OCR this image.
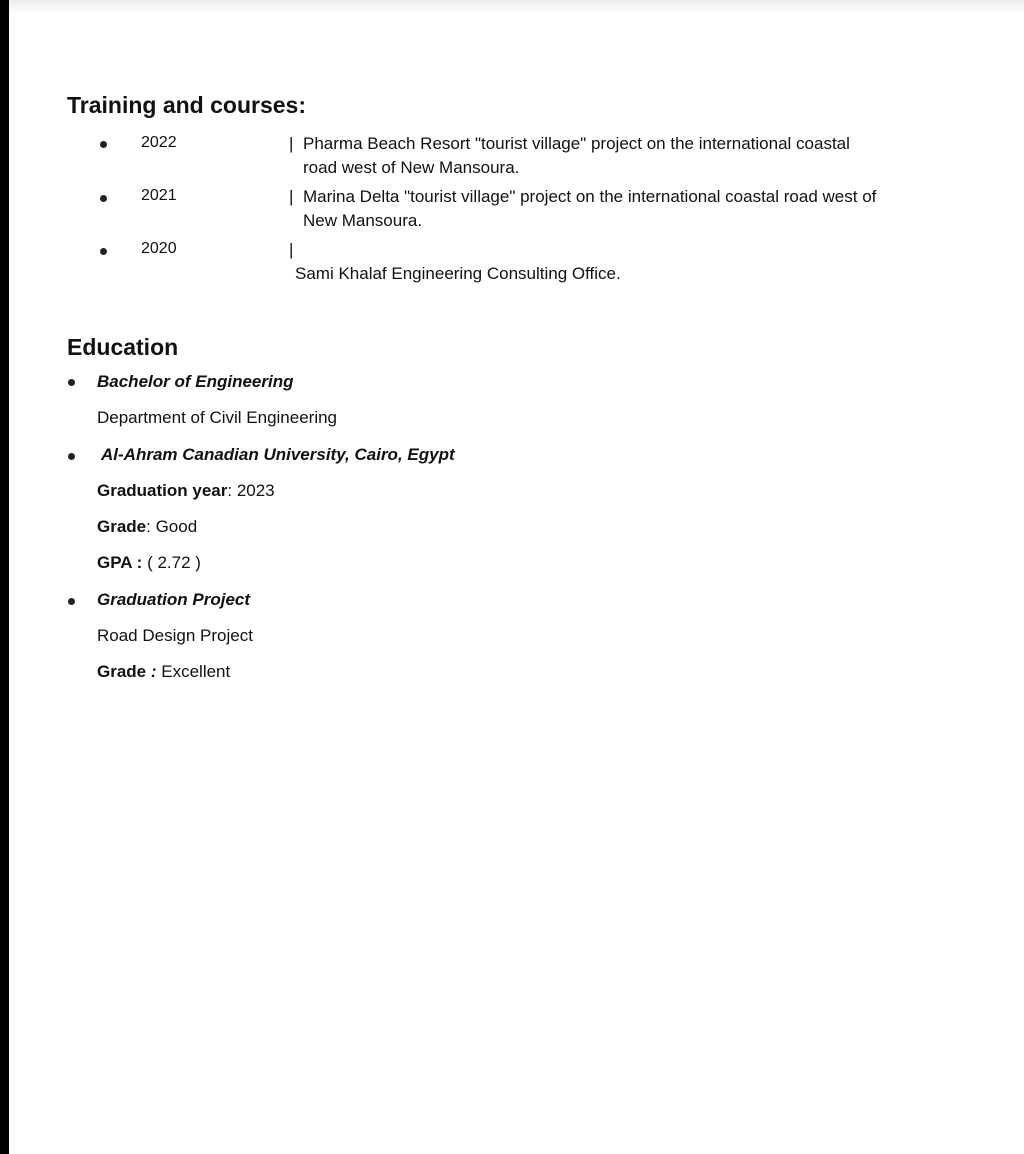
Training and courses:
2022	| Pharma Beach Resort "tourist village" project on the international coastal road west of New Mansoura.
2021	| Marina Delta "tourist village" project on the international coastal road west of New Mansoura.
2020	|Sami Khalaf Engineering Consulting Office.
Education
Bachelor of Engineering
Department of Civil Engineering
Al-Ahram Canadian University, Cairo, Egypt
Graduation year: 2023
Grade: Good
GPA : ( 2.72 )
Graduation Project
Road Design Project
Grade : Excellent
